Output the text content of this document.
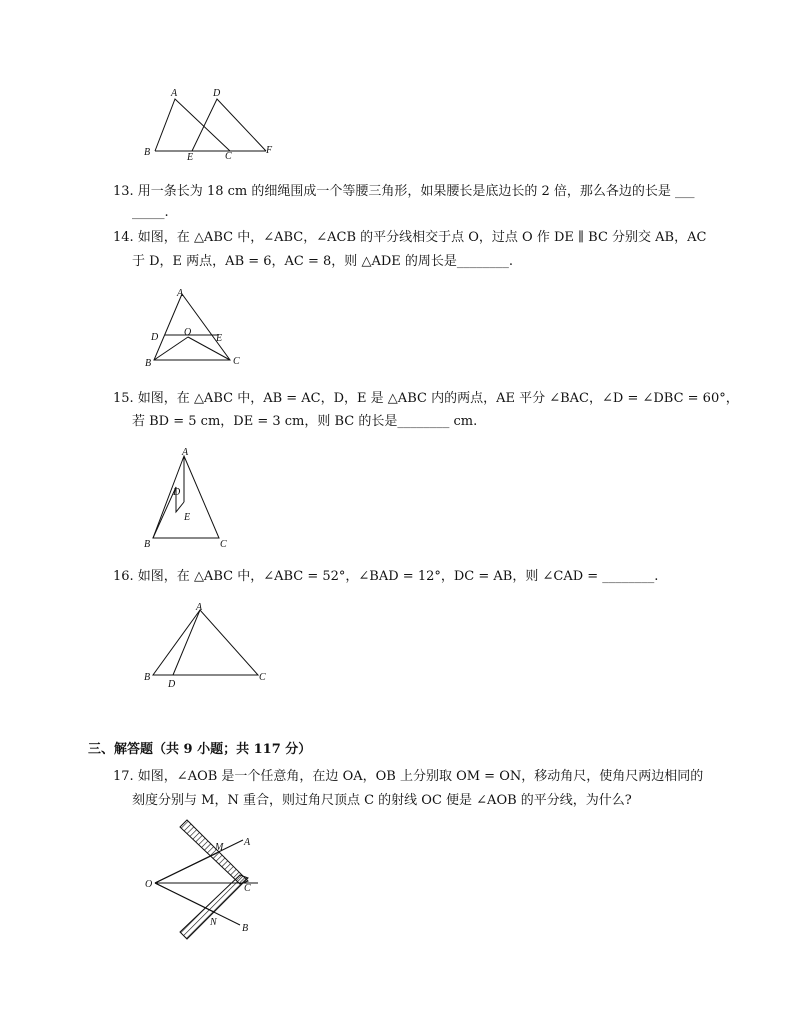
A	D
B	E	C
F
13. 用一条长为 18 cm 的细绳围成一个等腰三角形，如果腰长是底边长的 2 倍，那么各边的长是 ___
_____.
14. 如图，在 △ABC 中，∠ABC，∠ACB 的平分线相交于点 O，过点 O 作 DE ∥ BC 分别交 AB，AC
于 D，E 两点，AB = 6，AC = 8，则 △ADE 的周长是________.
A
D	O
E
B	C
15. 如图，在 △ABC 中，AB = AC，D，E 是 △ABC 内的两点，AE 平分 ∠BAC，∠D = ∠DBC = 60°，
若 BD = 5 cm，DE = 3 cm，则 BC 的长是________ cm.
A
D
E
B	C
16. 如图，在 △ABC 中，∠ABC = 52°，∠BAD = 12°，DC = AB，则 ∠CAD = ________.
A
B
D
C
三、解答题（共 9 小题；共 117 分）
17. 如图，∠AOB 是一个任意角，在边 OA，OB 上分别取 OM = ON，移动角尺，使角尺两边相同的
刻度分别与 M，N 重合，则过角尺顶点 C 的射线 OC 便是 ∠AOB 的平分线，为什么?
M A
O	C
N
B
